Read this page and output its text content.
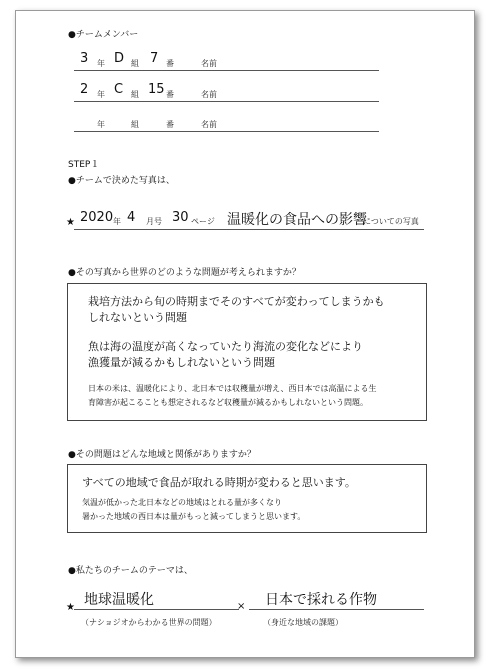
●チームメンバー
3 年 D 組 7 番	名前
2 年 C 組 15 番	名前
年	組	番	名前
STEP１
●チームで決めた写真は、
★ 2020 年 4 月号 30 ページ 温暖化の食品への影響
についての写真
●その写真から世界のどのような問題が考えられますか？
栽培方法から旬の時期までそのすべてが変わってしまうかも
しれないという問題
魚は海の温度が高くなっていたり海流の変化などにより
漁獲量が減るかもしれないという問題
日本の米は、温暖化により、北日本では収穫量が増え、西日本では高温による生
育障害が起こることも想定されるなど収穫量が減るかもしれないという問題。
●その問題はどんな地域と関係がありますか？
すべての地域で食品が取れる時期が変わると思います。
気温が低かった北日本などの地域はとれる量が多くなり
暑かった地域の西日本は量がもっと減ってしまうと思います。
●私たちのチームのテーマは、
★ 地球温暖化	× 日本で採れる作物
（ナショジオからわかる世界の問題）	（身近な地域の課題）
